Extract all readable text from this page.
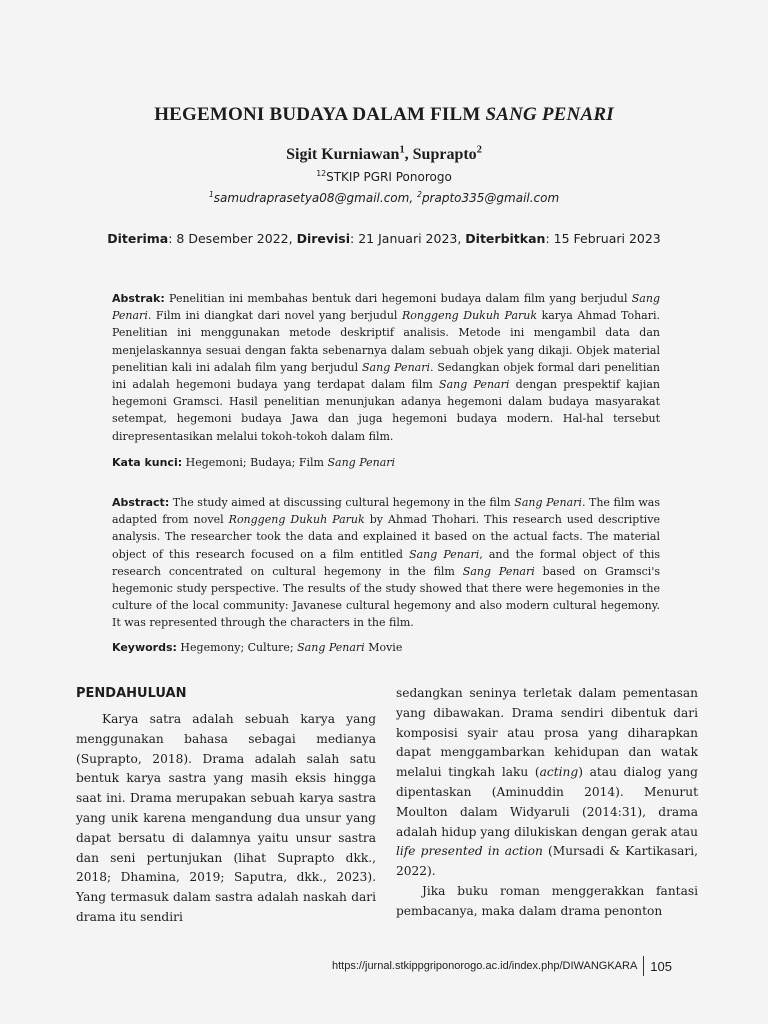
HEGEMONI BUDAYA DALAM FILM SANG PENARI
Sigit Kurniawan$^1$, Suprapto$^2$
$^{12}$STKIP PGRI Ponorogo
$^1$samudraprasetya08@gmail.com, $^2$prapto335@gmail.com
Diterima: 8 Desember 2022, Direvisi: 21 Januari 2023, Diterbitkan: 15 Februari 2023

Abstrak: Penelitian ini membahas bentuk dari hegemoni budaya dalam film yang berjudul Sang Penari. Film ini diangkat dari novel yang berjudul Ronggeng Dukuh Paruk karya Ahmad Tohari. Penelitian ini menggunakan metode deskriptif analisis. Metode ini mengambil data dan menjelaskannya sesuai dengan fakta sebenarnya dalam sebuah objek yang dikaji. Objek material penelitian kali ini adalah film yang berjudul Sang Penari. Sedangkan objek formal dari penelitian ini adalah hegemoni budaya yang terdapat dalam film Sang Penari dengan prespektif kajian hegemoni Gramsci. Hasil penelitian menunjukan adanya hegemoni dalam budaya masyarakat setempat, hegemoni budaya Jawa dan juga hegemoni budaya modern. Hal-hal tersebut direpresentasikan melalui tokoh-tokoh dalam film.

Kata kunci: Hegemoni; Budaya; Film Sang Penari

Abstract: The study aimed at discussing cultural hegemony in the film Sang Penari. The film was adapted from novel Ronggeng Dukuh Paruk by Ahmad Thohari. This research used descriptive analysis. The researcher took the data and explained it based on the actual facts. The material object of this research focused on a film entitled Sang Penari, and the formal object of this research concentrated on cultural hegemony in the film Sang Penari based on Gramsci's hegemonic study perspective. The results of the study showed that there were hegemonies in the culture of the local community: Javanese cultural hegemony and also modern cultural hegemony. It was represented through the characters in the film.

Keywords: Hegemony; Culture; Sang Penari Movie

PENDAHULUAN

Karya satra adalah sebuah karya yang menggunakan bahasa sebagai medianya (Suprapto, 2018). Drama adalah salah satu bentuk karya sastra yang masih eksis hingga saat ini. Drama merupakan sebuah karya sastra yang unik karena mengandung dua unsur yang dapat bersatu di dalamnya yaitu unsur sastra dan seni pertunjukan (lihat Suprapto dkk., 2018; Dhamina, 2019; Saputra, dkk., 2023). Yang termasuk dalam sastra adalah naskah dari drama itu sendiri

sedangkan seninya terletak dalam pementasan yang dibawakan. Drama sendiri dibentuk dari komposisi syair atau prosa yang diharapkan dapat menggambarkan kehidupan dan watak melalui tingkah laku (acting) atau dialog yang dipentaskan (Aminuddin 2014). Menurut Moulton dalam Widyaruli (2014:31), drama adalah hidup yang dilukiskan dengan gerak atau life presented in action (Mursadi & Kartikasari, 2022).

Jika buku roman menggerakkan fantasi pembacanya, maka dalam drama penonton

https://jurnal.stkippgriponorogo.ac.id/index.php/DIWANGKARA 105
